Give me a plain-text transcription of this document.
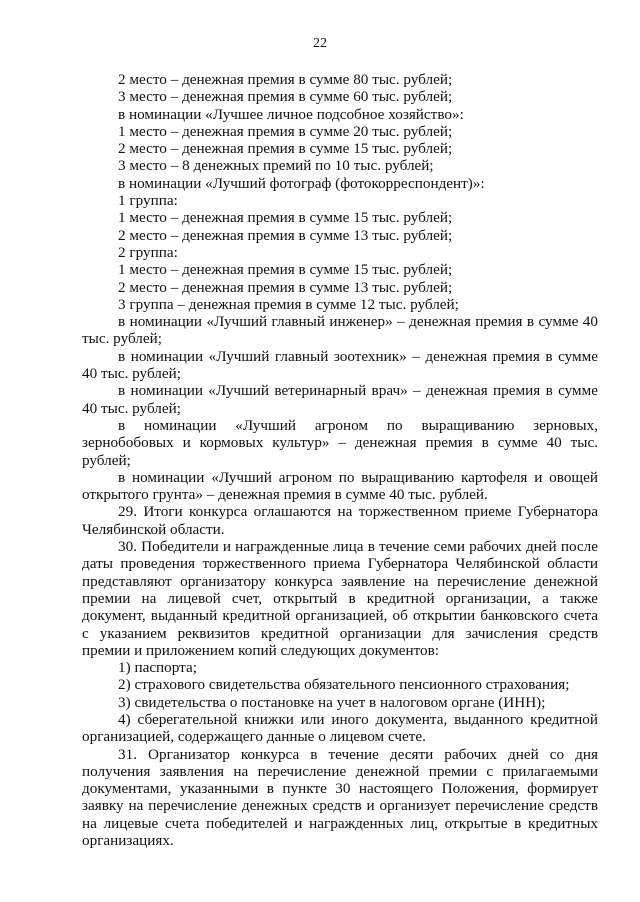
22

2 место – денежная премия в сумме 80 тыс. рублей;

3 место – денежная премия в сумме 60 тыс. рублей;

в номинации «Лучшее личное подсобное хозяйство»:

1 место – денежная премия в сумме 20 тыс. рублей;

2 место – денежная премия в сумме 15 тыс. рублей;

3 место – 8 денежных премий по 10 тыс. рублей;

в номинации «Лучший фотограф (фотокорреспондент)»:

1 группа:

1 место – денежная премия в сумме 15 тыс. рублей;

2 место – денежная премия в сумме 13 тыс. рублей;

2 группа:

1 место – денежная премия в сумме 15 тыс. рублей;

2 место – денежная премия в сумме 13 тыс. рублей;

3 группа – денежная премия в сумме 12 тыс. рублей;

в номинации «Лучший главный инженер» – денежная премия в сумме 40 тыс. рублей;

в номинации «Лучший главный зоотехник» – денежная премия в сумме 40 тыс. рублей;

в номинации «Лучший ветеринарный врач» – денежная премия в сумме 40 тыс. рублей;

в номинации «Лучший агроном по выращиванию зерновых, зернобобовых и кормовых культур» – денежная премия в сумме 40 тыс. рублей;

в номинации «Лучший агроном по выращиванию картофеля и овощей открытого грунта» – денежная премия в сумме 40 тыс. рублей.

29. Итоги конкурса оглашаются на торжественном приеме Губернатора Челябинской области.

30. Победители и награжденные лица в течение семи рабочих дней после даты проведения торжественного приема Губернатора Челябинской области представляют организатору конкурса заявление на перечисление денежной премии на лицевой счет, открытый в кредитной организации, а также документ, выданный кредитной организацией, об открытии банковского счета с указанием реквизитов кредитной организации для зачисления средств премии и приложением копий следующих документов:

1) паспорта;

2) страхового свидетельства обязательного пенсионного страхования;

3) свидетельства о постановке на учет в налоговом органе (ИНН);

4) сберегательной книжки или иного документа, выданного кредитной организацией, содержащего данные о лицевом счете.

31. Организатор конкурса в течение десяти рабочих дней со дня получения заявления на перечисление денежной премии с прилагаемыми документами, указанными в пункте 30 настоящего Положения, формирует заявку на перечисление денежных средств и организует перечисление средств на лицевые счета победителей и награжденных лиц, открытые в кредитных организациях.
